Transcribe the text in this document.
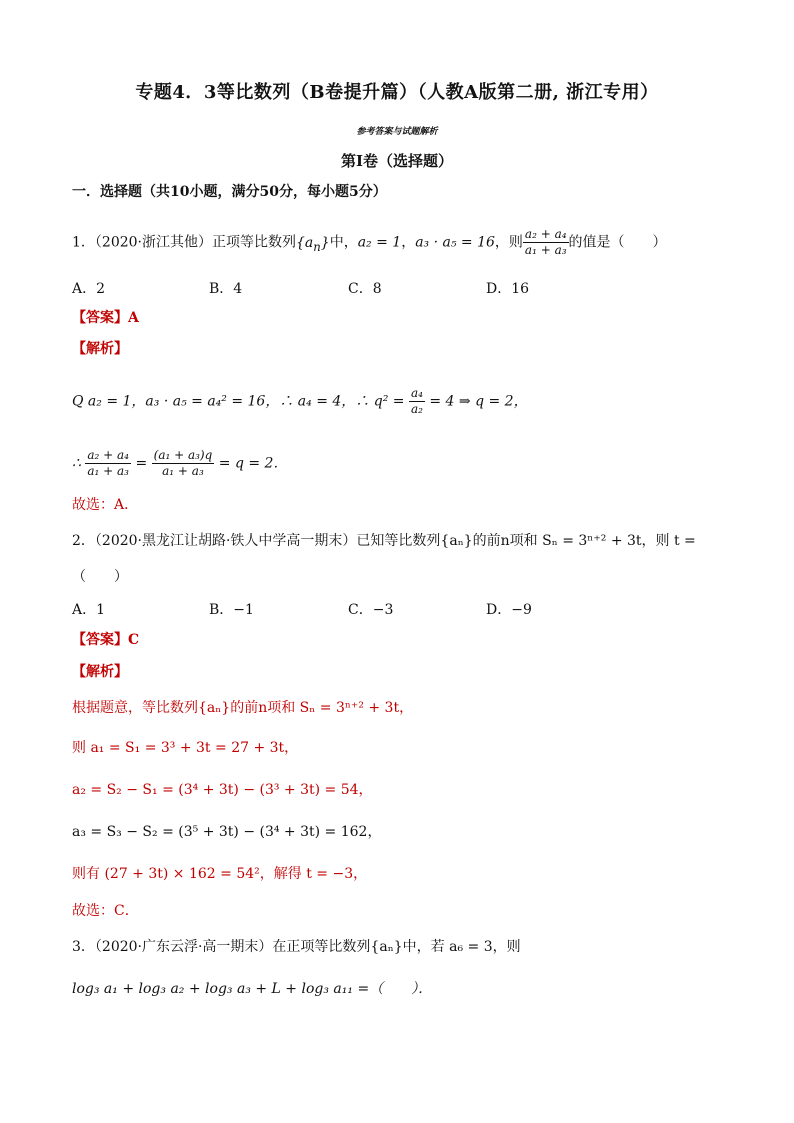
专题4．3等比数列（B卷提升篇）（人教A版第二册, 浙江专用）
参考答案与试题解析
第Ⅰ卷（选择题）
一．选择题（共10小题，满分50分，每小题5分）
1．（2020·浙江其他）正项等比数列$\{a_n\}$中，a₂ = 1，a₃ · a₅ = 16，则 $\frac{\text{a₂ + a₄}}{\text{a₁ + a₃}}$ 的值是（　　）
A．2	B．4	C．8	D．16
【答案】A
【解析】
Q a₂ = 1，a₃ · a₅ = a₄² = 16，∴ a₄ = 4，∴ $q^2 = \frac{\text{a₄}}{\text{a₂}} = 4$ ⇒ q = 2，
∴ $\frac{\text{a₂ + a₄}}{\text{a₁ + a₃}} = \frac{\text{(a₁ + a₃)q}}{\text{a₁ + a₃}} = q = 2$．
故选：A．
2．（2020·黑龙江让胡路·铁人中学高一期末）已知等比数列{aₙ}的前n项和 Sₙ = 3ⁿ⁺² + 3t，则 t =
（　　）
A．1	B．−1	C．−3	D．−9
【答案】C
【解析】
根据题意，等比数列{aₙ}的前n项和 Sₙ = 3ⁿ⁺² + 3t，
则 a₁ = S₁ = 3³ + 3t = 27 + 3t，
a₂ = S₂ − S₁ = (3⁴ + 3t) − (3³ + 3t) = 54，
a₃ = S₃ − S₂ = (3⁵ + 3t) − (3⁴ + 3t) = 162，
则有 (27 + 3t) × 162 = 54²，解得 t = −3，
故选：C．
3．（2020·广东云浮·高一期末）在正项等比数列{aₙ}中，若 a₆ = 3，则
log₃ a₁ + log₃ a₂ + log₃ a₃ + L + log₃ a₁₁ =（　　）．
